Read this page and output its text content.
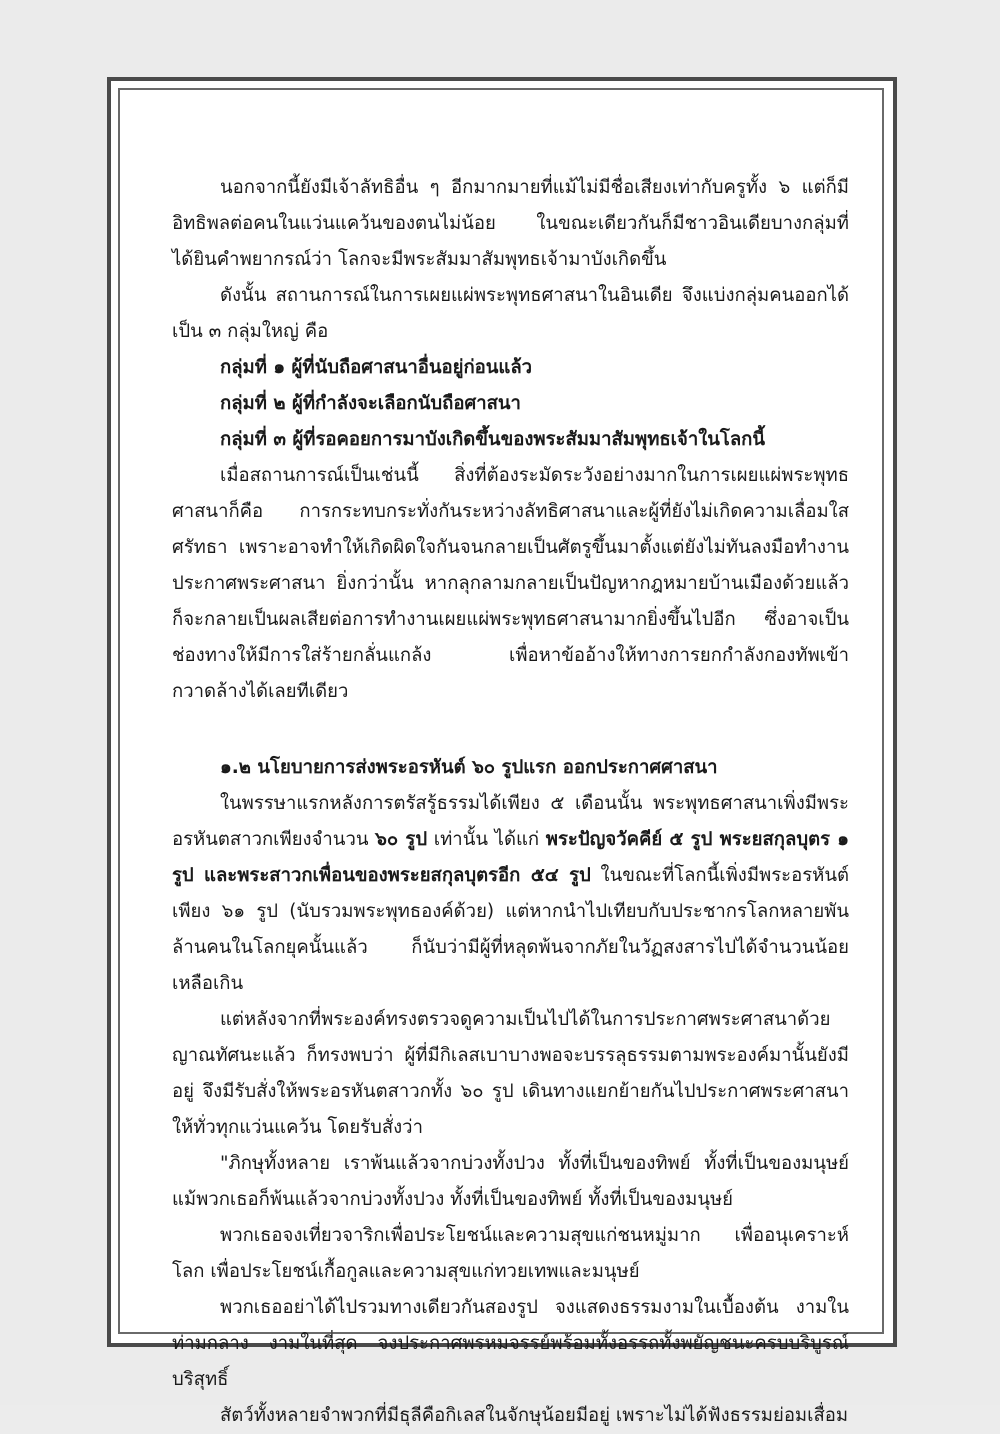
นอกจากนี้ยังมีเจ้าลัทธิอื่น ๆ อีกมากมายที่แม้ไม่มีชื่อเสียงเท่ากับครูทั้ง ๖ แต่ก็มีอิทธิพลต่อคนในแว่นแคว้นของตนไม่น้อย ในขณะเดียวกันก็มีชาวอินเดียบางกลุ่มที่ได้ยินคำพยากรณ์ว่า โลกจะมีพระสัมมาสัมพุทธเจ้ามาบังเกิดขึ้น

ดังนั้น สถานการณ์ในการเผยแผ่พระพุทธศาสนาในอินเดีย จึงแบ่งกลุ่มคนออกได้เป็น ๓ กลุ่มใหญ่ คือ

กลุ่มที่ ๑ ผู้ที่นับถือศาสนาอื่นอยู่ก่อนแล้ว

กลุ่มที่ ๒ ผู้ที่กำลังจะเลือกนับถือศาสนา

กลุ่มที่ ๓ ผู้ที่รอคอยการมาบังเกิดขึ้นของพระสัมมาสัมพุทธเจ้าในโลกนี้

เมื่อสถานการณ์เป็นเช่นนี้ สิ่งที่ต้องระมัดระวังอย่างมากในการเผยแผ่พระพุทธศาสนาก็คือ การกระทบกระทั่งกันระหว่างลัทธิศาสนาและผู้ที่ยังไม่เกิดความเลื่อมใสศรัทธา เพราะอาจทำให้เกิดผิดใจกันจนกลายเป็นศัตรูขึ้นมาตั้งแต่ยังไม่ทันลงมือทำงานประกาศพระศาสนา ยิ่งกว่านั้น หากลุกลามกลายเป็นปัญหากฎหมายบ้านเมืองด้วยแล้ว ก็จะกลายเป็นผลเสียต่อการทำงานเผยแผ่พระพุทธศาสนามากยิ่งขึ้นไปอีก ซึ่งอาจเป็นช่องทางให้มีการใส่ร้ายกลั่นแกล้ง เพื่อหาข้ออ้างให้ทางการยกกำลังกองทัพเข้ากวาดล้างได้เลยทีเดียว

๑.๒ นโยบายการส่งพระอรหันต์ ๖๐ รูปแรก ออกประกาศศาสนา

ในพรรษาแรกหลังการตรัสรู้ธรรมได้เพียง ๕ เดือนนั้น พระพุทธศาสนาเพิ่งมีพระอรหันตสาวกเพียงจำนวน ๖๐ รูป เท่านั้น ได้แก่ พระปัญจวัคคีย์ ๕ รูป พระยสกุลบุตร ๑ รูป และพระสาวกเพื่อนของพระยสกุลบุตรอีก ๕๔ รูป ในขณะที่โลกนี้เพิ่งมีพระอรหันต์เพียง ๖๑ รูป (นับรวมพระพุทธองค์ด้วย) แต่หากนำไปเทียบกับประชากรโลกหลายพันล้านคนในโลกยุคนั้นแล้ว ก็นับว่ามีผู้ที่หลุดพ้นจากภัยในวัฏสงสารไปได้จำนวนน้อยเหลือเกิน

แต่หลังจากที่พระองค์ทรงตรวจดูความเป็นไปได้ในการประกาศพระศาสนาด้วยญาณทัศนะแล้ว ก็ทรงพบว่า ผู้ที่มีกิเลสเบาบางพอจะบรรลุธรรมตามพระองค์มานั้นยังมีอยู่ จึงมีรับสั่งให้พระอรหันตสาวกทั้ง ๖๐ รูป เดินทางแยกย้ายกันไปประกาศพระศาสนาให้ทั่วทุกแว่นแคว้น โดยรับสั่งว่า

"ภิกษุทั้งหลาย เราพ้นแล้วจากบ่วงทั้งปวง ทั้งที่เป็นของทิพย์ ทั้งที่เป็นของมนุษย์ แม้พวกเธอก็พ้นแล้วจากบ่วงทั้งปวง ทั้งที่เป็นของทิพย์ ทั้งที่เป็นของมนุษย์

พวกเธอจงเที่ยวจาริกเพื่อประโยชน์และความสุขแก่ชนหมู่มาก เพื่ออนุเคราะห์โลก เพื่อประโยชน์เกื้อกูลและความสุขแก่ทวยเทพและมนุษย์

พวกเธออย่าได้ไปรวมทางเดียวกันสองรูป จงแสดงธรรมงามในเบื้องต้น งามในท่ามกลาง งามในที่สุด จงประกาศพรหมจรรย์พร้อมทั้งอรรถทั้งพยัญชนะครบบริบูรณ์บริสุทธิ์

สัตว์ทั้งหลายจำพวกที่มีธุลีคือกิเลสในจักษุน้อยมีอยู่ เพราะไม่ได้ฟังธรรมย่อมเสื่อม
